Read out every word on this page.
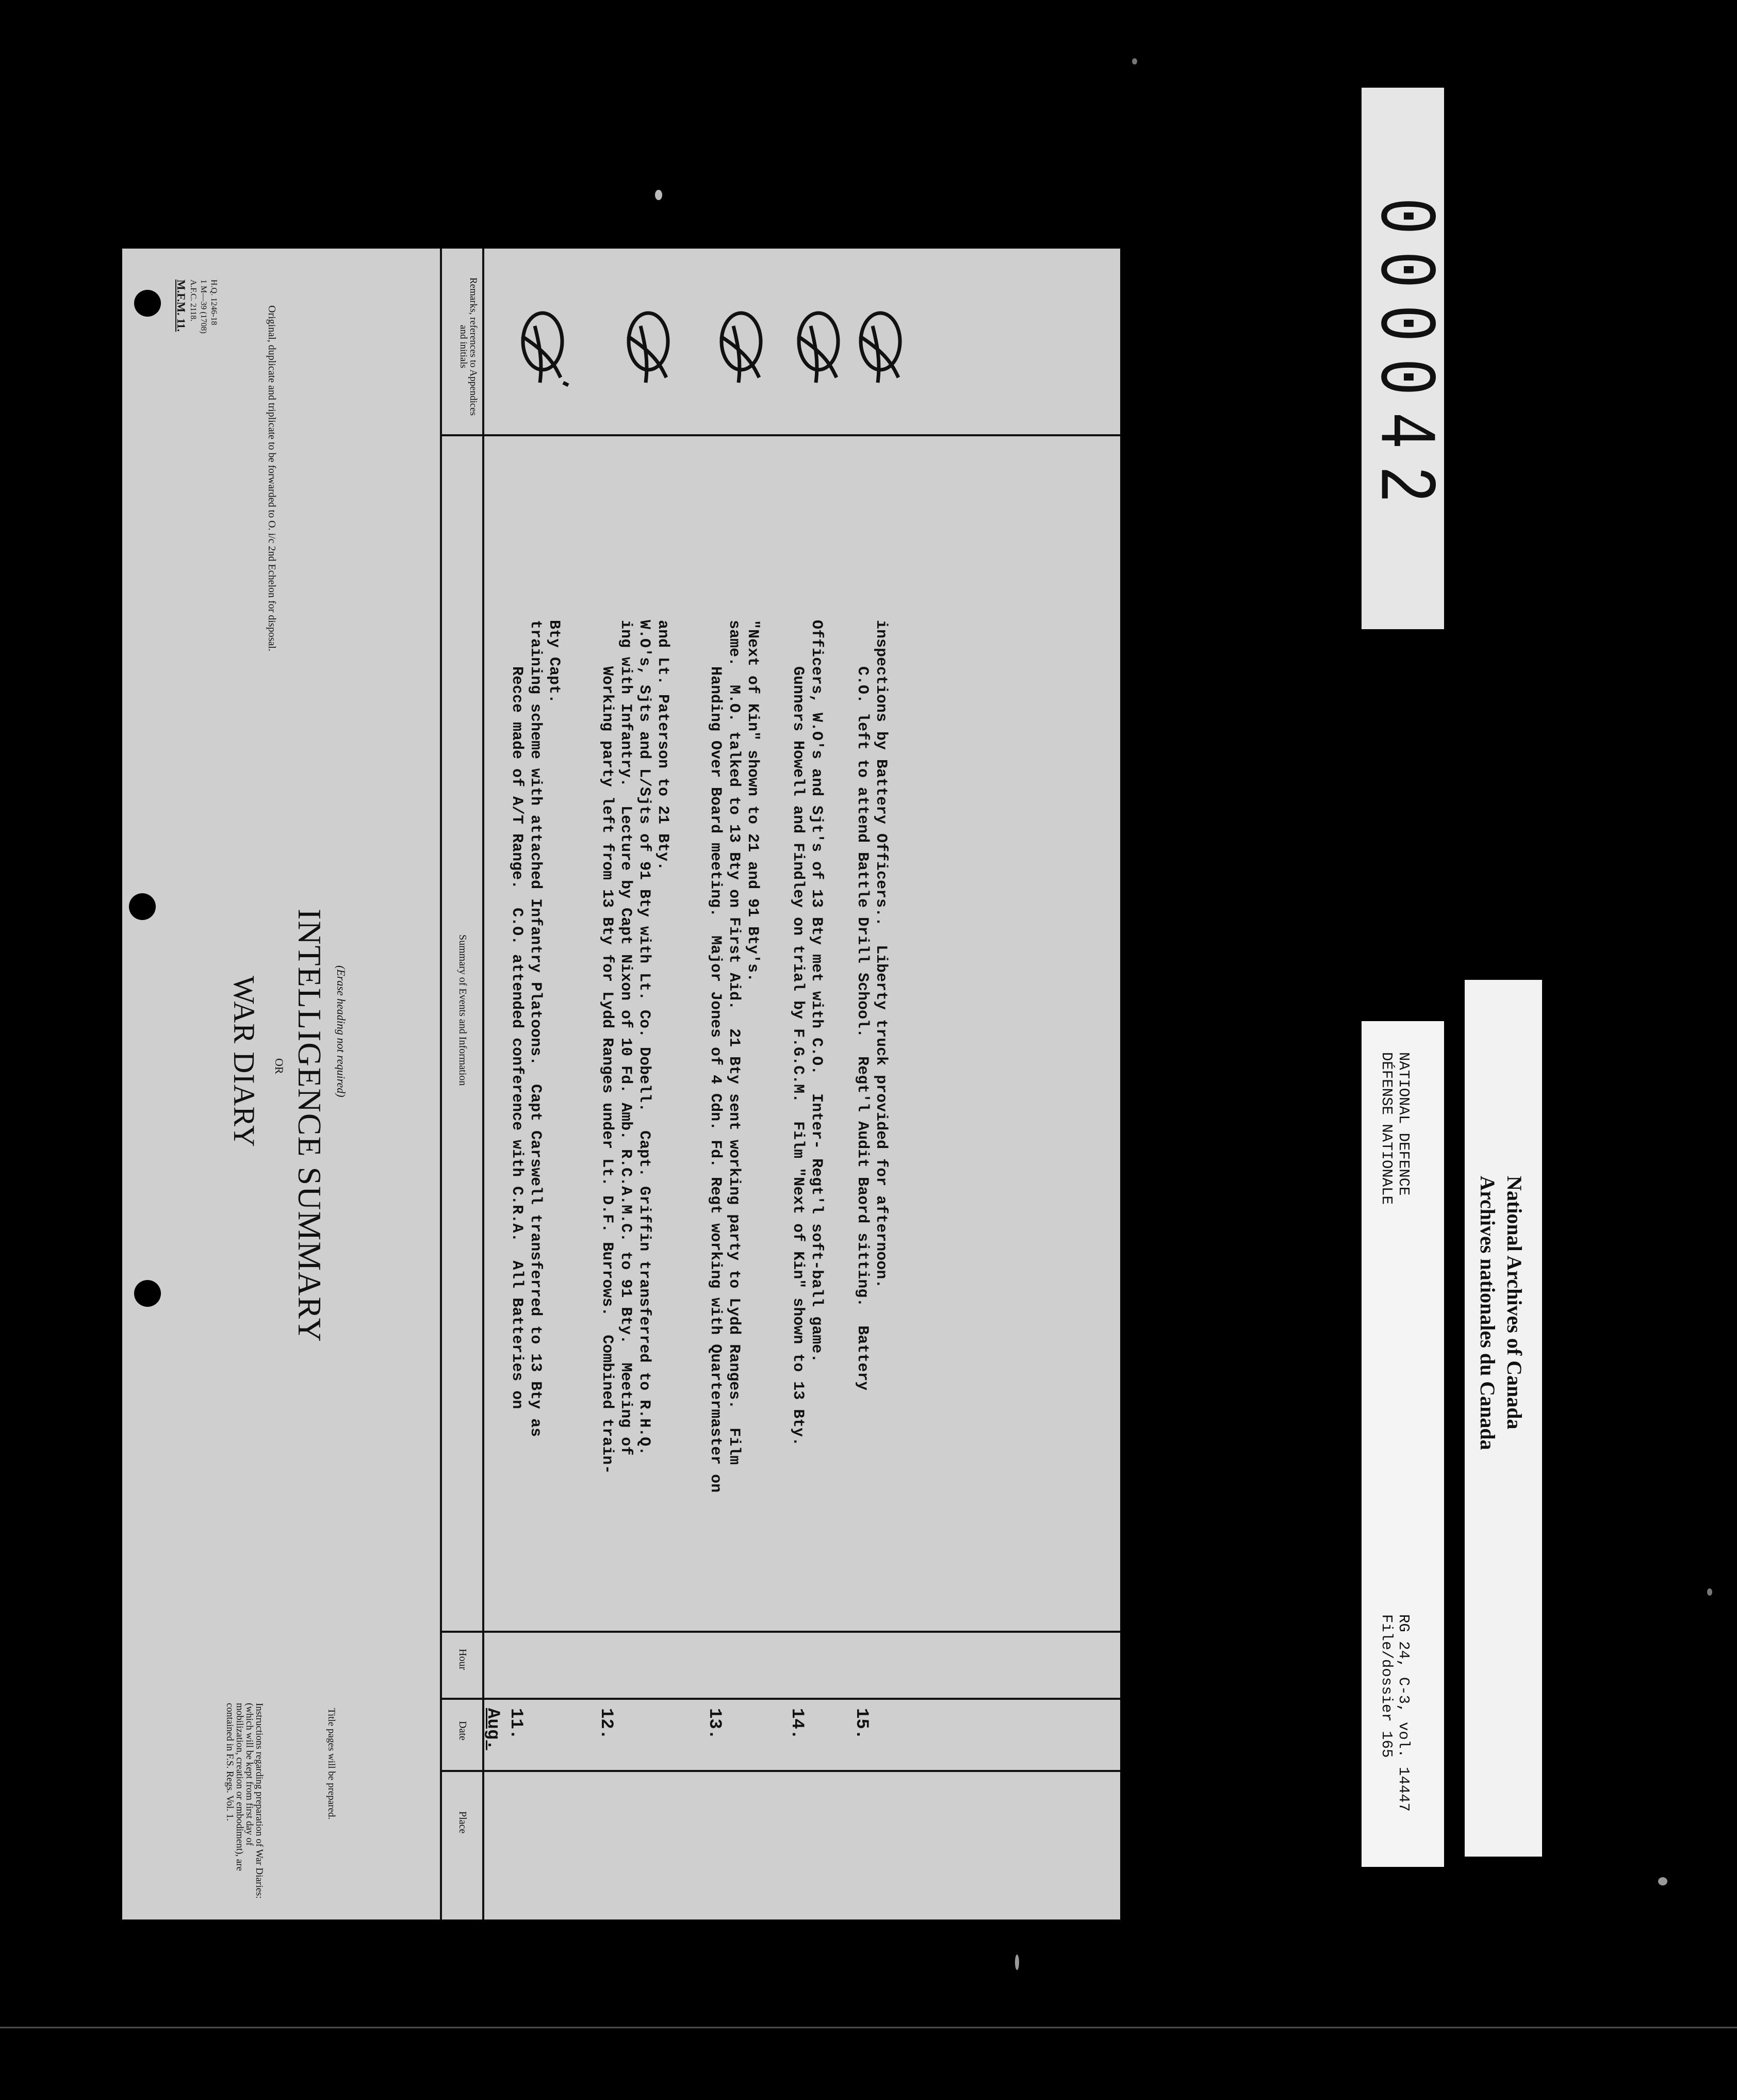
M.F.M. 11. A.F.C. 2118. 1 M—39 (1708) H.Q. 1246-18
Original, duplicate and triplicate to be forwarded to O. i/c 2nd Echelon for disposal.
WAR DIARY OR INTELLIGENCE SUMMARY (Erase heading not required)
Instructions regarding preparation of War Diaries: (which will be kept from first day of mobilization, creation or embodiment), are contained in F.S. Regs. Vol. 1.	Title pages will be prepared.
Remarks, references to Appendices and initials
Summary of Events and Information
Hour
Date
Place
Aug. 11.
Recce made of A/T Range.  C.O. attended conference with C.R.A.  All Batteries on training scheme with attached Infantry Platoons.  Capt Carswell transferred to 13 Bty as Bty Capt.
12.
Working party left from 13 Bty for Lydd Ranges under Lt. D.F. Burrows.  Combined train- ing with Infantry.  Lecture by Capt Nixon of 10 Fd. Amb. R.C.A.M.C. to 91 Bty.  Meeting of W.O's, Sjts and L/Sjts of 91 Bty with Lt. Co. Dobell.  Capt. Griffin transferred to R.H.Q. and Lt. Paterson to 21 Bty.
13.
Handing Over Board meeting.  Major Jones of 4 Cdn. Fd. Regt working with Quartermaster on same.  M.O. talked to 13 Bty on First Aid.  21 Bty sent working party to Lydd Ranges.  Film "Next of Kin" shown to 21 and 91 Bty's.
14.
Gunners Howell and Findley on trial by F.G.C.M.  Film "Next of Kin" shown to 13 Bty. Officers, W.O's and Sjt's of 13 Bty met with C.O.  Inter- Regt'l soft-ball game.
15.
C.O. left to attend Battle Drill School.  Regt'l Audit Baord sitting.  Battery inspections by Battery Officers..  Liberty truck provided for afternoon.
000042
NATIONAL DEFENCE
DÉFENSE NATIONALE
RG 24, C-3, vol. 14447
File/dossier 165
National Archives of Canada
Archives nationales du Canada
